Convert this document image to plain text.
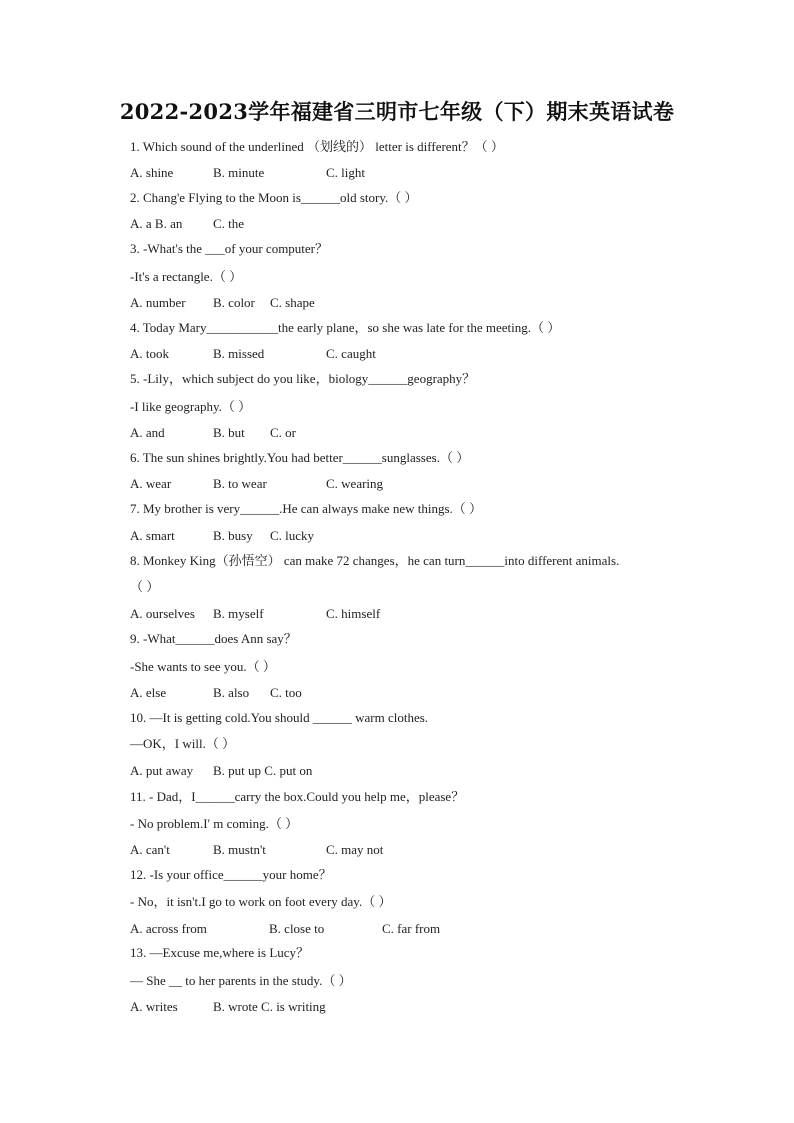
2022-2023学年福建省三明市七年级（下）期末英语试卷
1. Which sound of the underlined （划线的） letter is different？（ ）
A. shine	B. minute	C. light
2. Chang'e Flying to the Moon is______old story.（ ）
A. a B. an C. the
3. -What's the ___of your computer？
-It's a rectangle.（ ）
A. number B. color C. shape
4. Today Mary___________the early plane，so she was late for the meeting.（ ）
A. took	B. missed	C. caught
5. -Lily，which subject do you like，biology______geography？
-I like geography.（ ）
A. and	B. but C. or
6. The sun shines brightly.You had better______sunglasses.（ ）
A. wear	B. to wear	C. wearing
7. My brother is very______.He can always make new things.（ ）
A. smart	B. busy C. lucky
8. Monkey King（孙悟空） can make 72 changes，he can turn______into different animals.
（ ）
A. ourselves B. myself	C. himself
9. -What______does Ann say？
-She wants to see you.（ ）
A. else	B. also C. too
10. —It is getting cold.You should ______ warm clothes.
—OK，I will.（ ）
A. put away B. put up C. put on
11. - Dad，I______carry the box.Could you help me，please？
- No problem.I' m coming.（ ）
A. can't	B. mustn't	C. may not
12. -Is your office______your home？
- No，it isn't.I go to work on foot every day.（ ）
A. across from	B. close to	C. far from
13. —Excuse me,where is Lucy？
— She __ to her parents in the study.（ ）
A. writes	B. wrote C. is writing
